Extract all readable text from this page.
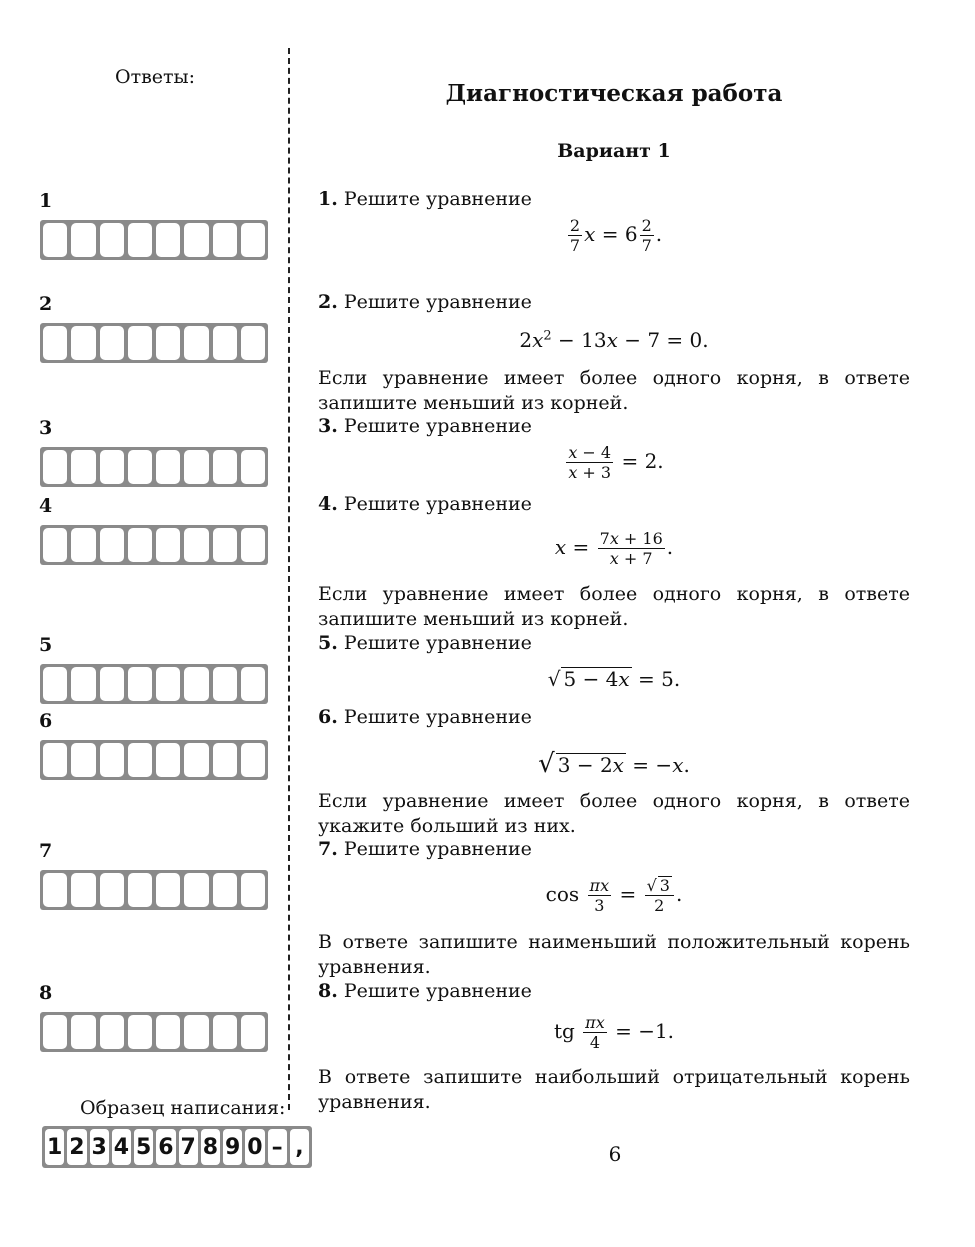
Ответы:
1
2
3
4
5
6
7
8
Образец написания:
1 2 3 4 5 6 7 8 9 0 – ,
Диагностическая работа
Вариант 1
1. Решите уравнение
$\frac{2}{7}$ $x = 6 \frac{2}{7}$ .
2. Решите уравнение
$2x^2 - 13x - 7 = 0$.
Если уравнение имеет более одного корня, в ответе запишите меньший из корней.
3. Решите уравнение
$\frac{x - 4}{x + 3} = 2$.
4. Решите уравнение
$x = \frac{7x + 16}{x + 7}$ .
Если уравнение имеет более одного корня, в ответе запишите меньший из корней.
5. Решите уравнение
√ 5 − 4x = 5.
6. Решите уравнение
√ 3 − 2x = −x.
Если уравнение имеет более одного корня, в ответе укажите больший из них.
7. Решите уравнение
$\cos \frac{\pi x}{3} = \frac{√ 3}{2}$ .
В ответе запишите наименьший положительный корень уравнения.
8. Решите уравнение
tg $\frac{\pi x}{4} = -1$.
В ответе запишите наибольший отрицательный корень уравнения.
6
